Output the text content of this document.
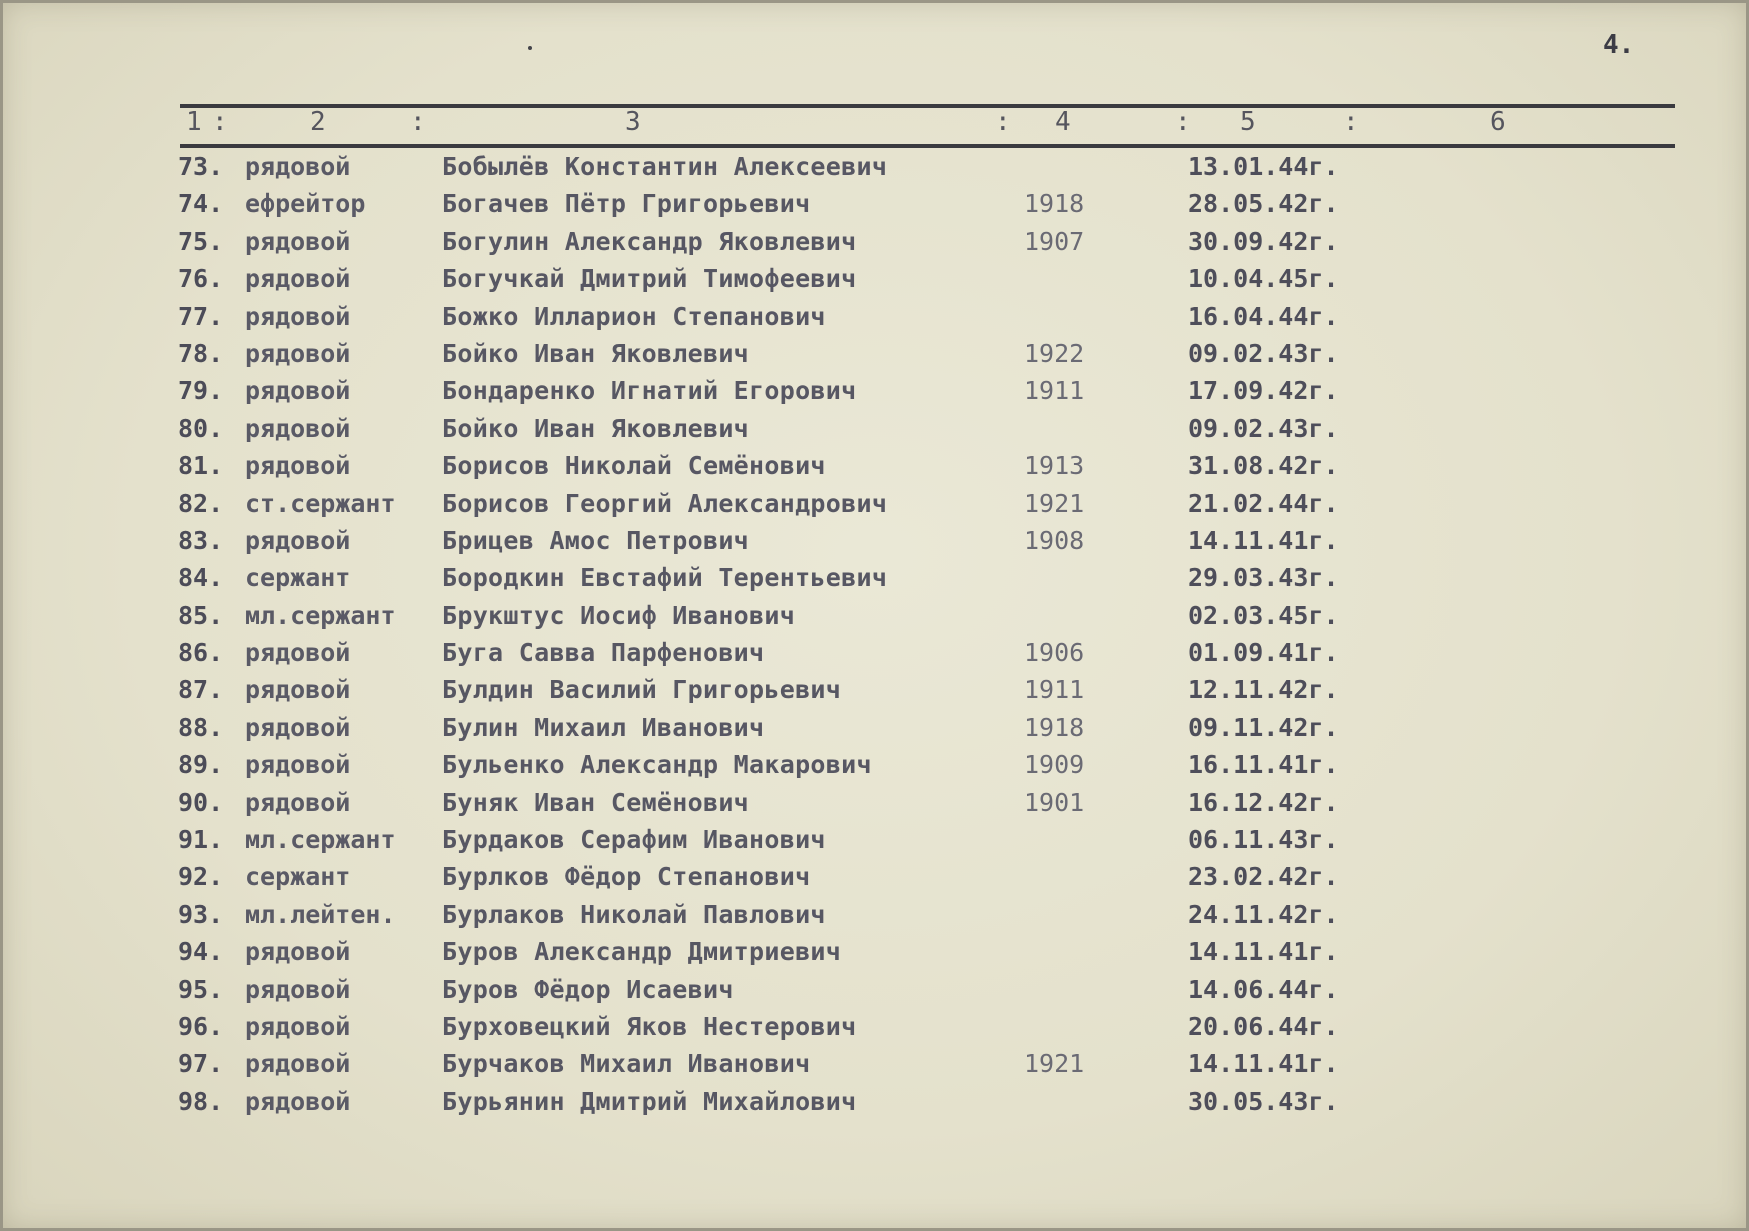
4.
1 :	2	:	3	: 4	: 5	:	6
73. рядовой	Бобылёв Константин Алексеевич	13.01.44г.
74. ефрейтор	Богачев Пётр Григорьевич	1918	28.05.42г.
75. рядовой	Богулин Александр Яковлевич	1907	30.09.42г.
76. рядовой	Богучкай Дмитрий Тимофеевич	10.04.45г.
77. рядовой	Божко Илларион Степанович	16.04.44г.
78. рядовой	Бойко Иван Яковлевич	1922	09.02.43г.
79. рядовой	Бондаренко Игнатий Егорович	1911	17.09.42г.
80. рядовой	Бойко Иван Яковлевич	09.02.43г.
81. рядовой	Борисов Николай Семёнович	1913	31.08.42г.
82. ст.сержант Борисов Георгий Александрович	1921	21.02.44г.
83. рядовой	Брицев Амос Петрович	1908	14.11.41г.
84. сержант	Бородкин Евстафий Терентьевич	29.03.43г.
85. мл.сержант Брукштус Иосиф Иванович	02.03.45г.
86. рядовой	Буга Савва Парфенович	1906	01.09.41г.
87. рядовой	Булдин Василий Григорьевич	1911	12.11.42г.
88. рядовой	Булин Михаил Иванович	1918	09.11.42г.
89. рядовой	Бульенко Александр Макарович	1909	16.11.41г.
90. рядовой	Буняк Иван Семёнович	1901	16.12.42г.
91. мл.сержант Бурдаков Серафим Иванович	06.11.43г.
92. сержант	Бурлков Фёдор Степанович	23.02.42г.
93. мл.лейтен. Бурлаков Николай Павлович	24.11.42г.
94. рядовой	Буров Александр Дмитриевич	14.11.41г.
95. рядовой	Буров Фёдор Исаевич	14.06.44г.
96. рядовой	Бурховецкий Яков Нестерович	20.06.44г.
97. рядовой	Бурчаков Михаил Иванович	1921	14.11.41г.
98. рядовой	Бурьянин Дмитрий Михайлович	30.05.43г.
